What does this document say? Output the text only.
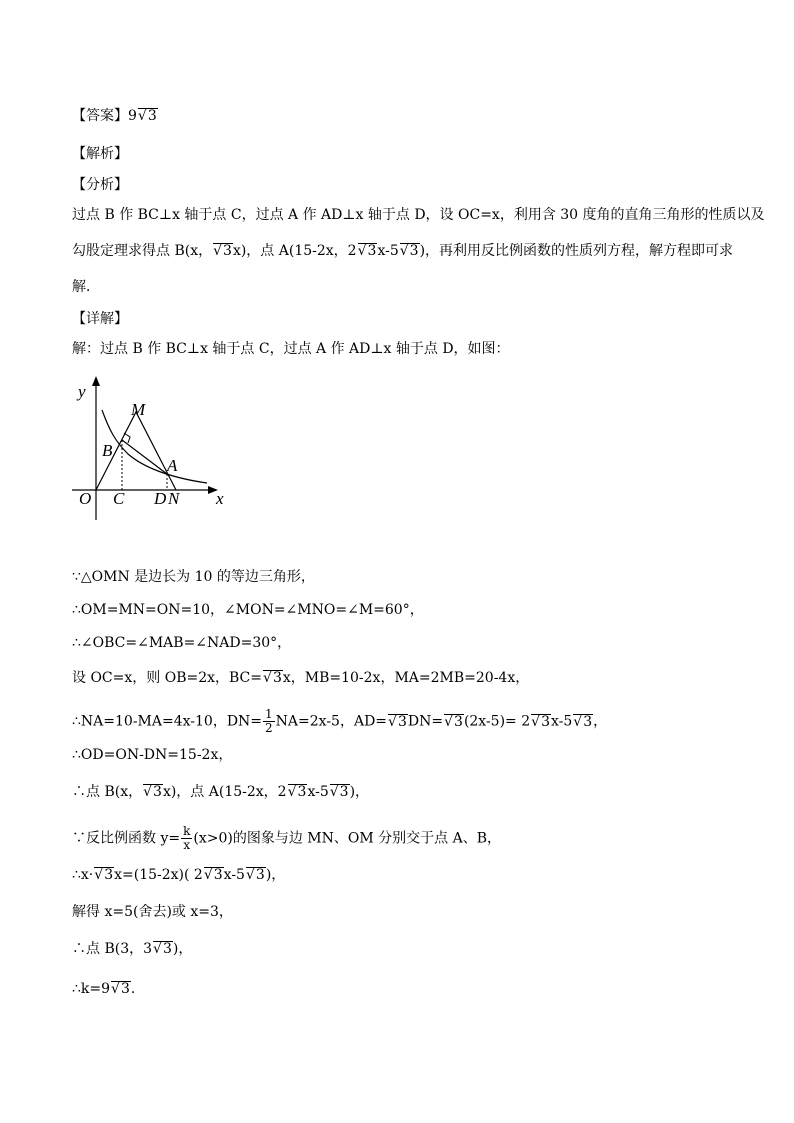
【答案】9 √ 3
【解析】
【分析】
过点 B 作 BC⊥x 轴于点 C，过点 A 作 AD⊥x 轴于点 D，设 OC=x，利用含 30 度角的直角三角形的性质以及
勾股定理求得点 B(x， √ 3x)，点 A(15-2x，2 √ 3x-5 √ 3)，再利用反比例函数的性质列方程，解方程即可求
解．
【详解】
解：过点 B 作 BC⊥x 轴于点 C，过点 A 作 AD⊥x 轴于点 D，如图：
y
x
O C D N
B
M
A
∵△OMN 是边长为 10 的等边三角形，
∴OM=MN=ON=10，∠MON=∠MNO=∠M=60°，
∴∠OBC=∠MAB=∠NAD=30°，
设 OC=x，则 OB=2x，BC= √ 3x，MB=10-2x，MA=2MB=20-4x，
∴NA=10-MA=4x-10，$DN= \frac{1}{2} NA=2x-5$，AD= √ 3DN= √ 3(2x-5)= 2 √ 3x-5 √ 3，
∴OD=ON-DN=15-2x，
∴点 B(x， √ 3x)，点 A(15-2x，2 √ 3x-5 √ 3)，
∵反比例函数 $y= \frac{k}{x} (x>0)$的图象与边 MN、OM 分别交于点 A、B，
∴x· √ 3x=(15-2x)( 2 √ 3x-5 √ 3)，
解得 x=5(舍去)或 x=3，
∴点 B(3，3 √ 3)，
∴k=9 √ 3．
